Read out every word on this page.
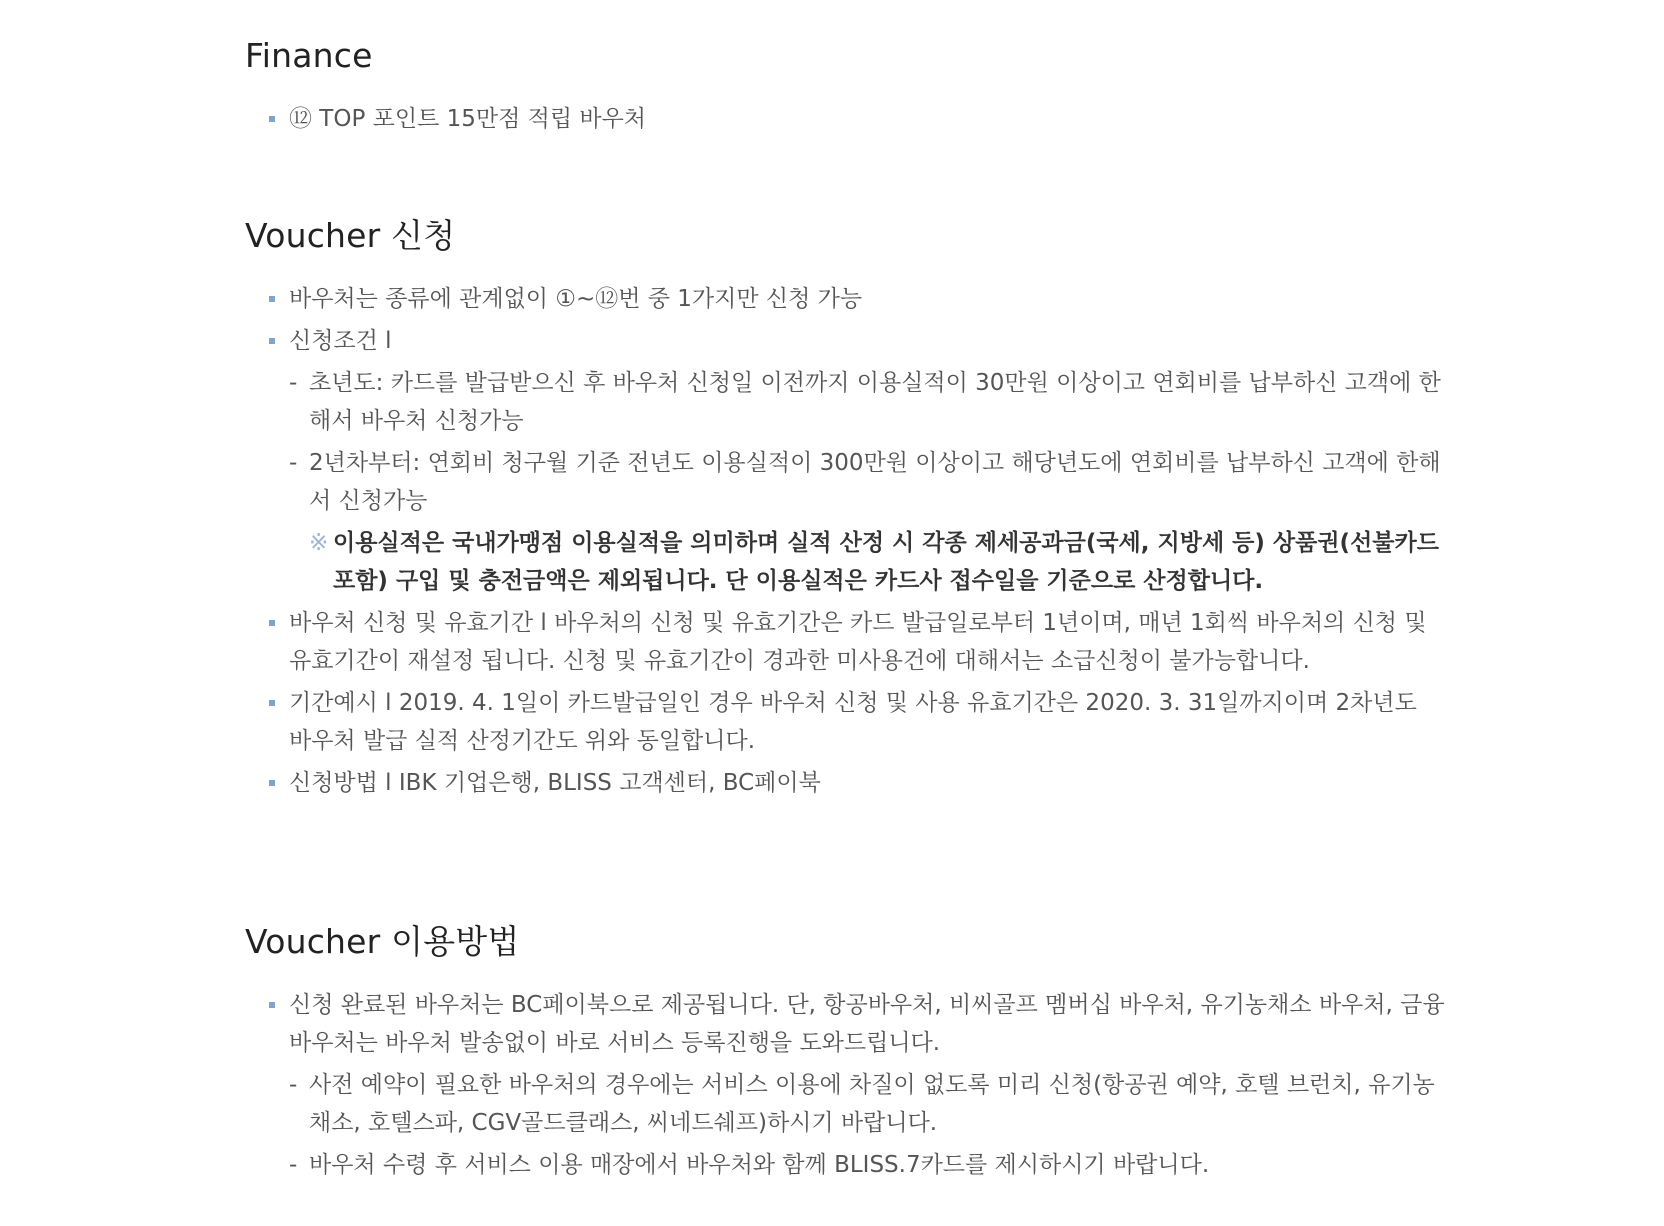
Finance
⑫ TOP 포인트 15만점 적립 바우처
Voucher 신청
바우처는 종류에 관계없이 ①~⑫번 중 1가지만 신청 가능
신청조건 l
- 초년도: 카드를 발급받으신 후 바우처 신청일 이전까지 이용실적이 30만원 이상이고 연회비를 납부하신 고객에 한해서 바우처 신청가능
- 2년차부터: 연회비 청구월 기준 전년도 이용실적이 300만원 이상이고 해당년도에 연회비를 납부하신 고객에 한해서 신청가능
※ 이용실적은 국내가맹점 이용실적을 의미하며 실적 산정 시 각종 제세공과금(국세, 지방세 등) 상품권(선불카드 포함) 구입 및 충전금액은 제외됩니다. 단 이용실적은 카드사 접수일을 기준으로 산정합니다.
바우처 신청 및 유효기간 l 바우처의 신청 및 유효기간은 카드 발급일로부터 1년이며, 매년 1회씩 바우처의 신청 및 유효기간이 재설정 됩니다. 신청 및 유효기간이 경과한 미사용건에 대해서는 소급신청이 불가능합니다.
기간예시 l 2019. 4. 1일이 카드발급일인 경우 바우처 신청 및 사용 유효기간은 2020. 3. 31일까지이며 2차년도 바우처 발급 실적 산정기간도 위와 동일합니다.
신청방법 l IBK 기업은행, BLISS 고객센터, BC페이북
Voucher 이용방법
신청 완료된 바우처는 BC페이북으로 제공됩니다. 단, 항공바우처, 비씨골프 멤버십 바우처, 유기농채소 바우처, 금융바우처는 바우처 발송없이 바로 서비스 등록진행을 도와드립니다.
- 사전 예약이 필요한 바우처의 경우에는 서비스 이용에 차질이 없도록 미리 신청(항공권 예약, 호텔 브런치, 유기농채소, 호텔스파, CGV골드클래스, 씨네드쉐프)하시기 바랍니다.
- 바우처 수령 후 서비스 이용 매장에서 바우처와 함께 BLISS.7카드를 제시하시기 바랍니다.
